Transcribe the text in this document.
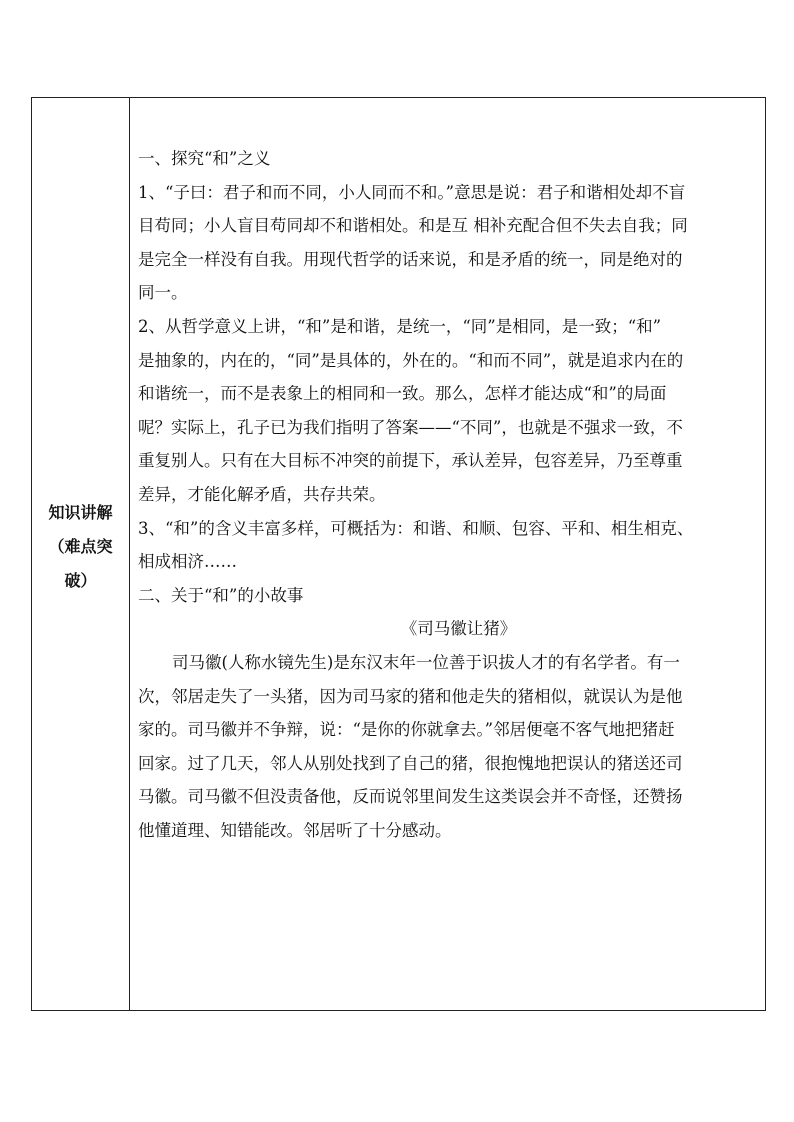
知识讲解
（难点突
破）
一、探究“和”之义
1、“子曰：君子和而不同，小人同而不和。”意思是说：君子和谐相处却不盲
目苟同；小人盲目苟同却不和谐相处。和是互 相补充配合但不失去自我；同
是完全一样没有自我。用现代哲学的话来说，和是矛盾的统一，同是绝对的
同一。
2、从哲学意义上讲，“和”是和谐，是统一，“同”是相同，是一致；“和”
是抽象的，内在的，“同”是具体的，外在的。“和而不同”，就是追求内在的
和谐统一，而不是表象上的相同和一致。那么，怎样才能达成“和”的局面
呢？实际上，孔子已为我们指明了答案——“不同”，也就是不强求一致，不
重复别人。只有在大目标不冲突的前提下，承认差异，包容差异，乃至尊重
差异，才能化解矛盾，共存共荣。
3、“和”的含义丰富多样，可概括为：和谐、和顺、包容、平和、相生相克、
相成相济……
二、关于“和”的小故事
《司马徽让猪》
司马徽(人称水镜先生)是东汉末年一位善于识拔人才的有名学者。有一
次，邻居走失了一头猪，因为司马家的猪和他走失的猪相似，就误认为是他
家的。司马徽并不争辩，说：“是你的你就拿去。”邻居便毫不客气地把猪赶
回家。过了几天，邻人从别处找到了自己的猪，很抱愧地把误认的猪送还司
马徽。司马徽不但没责备他，反而说邻里间发生这类误会并不奇怪，还赞扬
他懂道理、知错能改。邻居听了十分感动。
